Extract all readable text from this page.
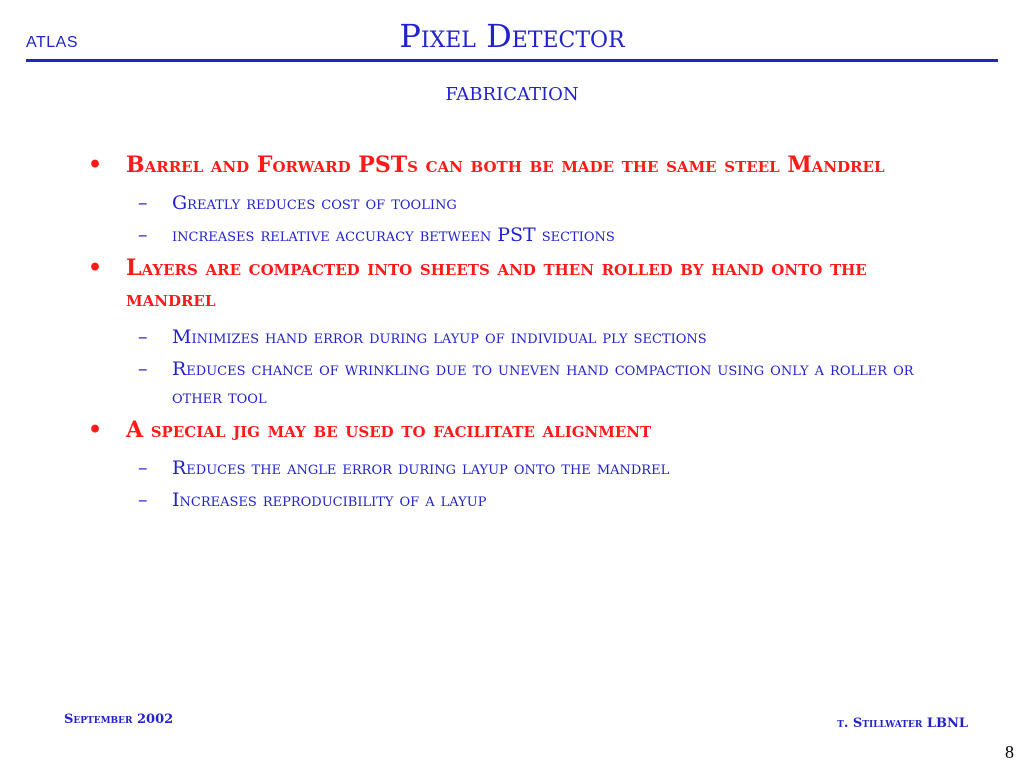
ATLAS	Pixel Detector
fabrication
• Barrel and Forward PSTs can both be made the same steel Mandrel
– Greatly reduces cost of tooling
– increases relative accuracy between PST sections
• Layers are compacted into sheets and then rolled by hand onto the mandrel
– Minimizes hand error during layup of individual ply sections
– Reduces chance of wrinkling due to uneven hand compaction using only a roller or other tool
• A special jig may be used to facilitate alignment
– Reduces the angle error during layup onto the mandrel
– Increases reproducibility of a layup
September 2002	t. Stillwater LBNL
8
